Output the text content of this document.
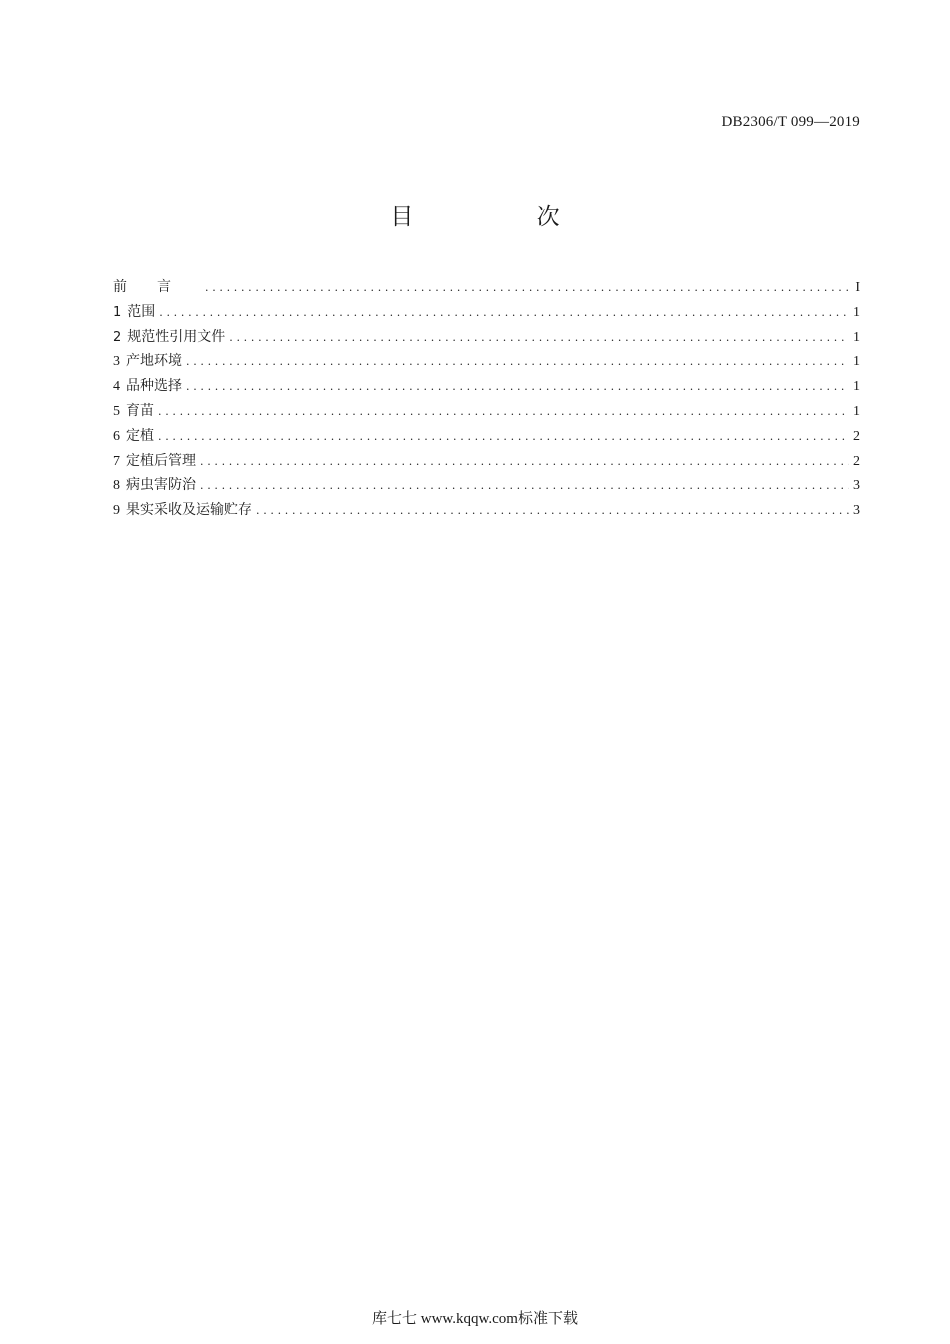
DB2306/T 099—2019
目 次
前言 .....	I
1 范围 .....	1
2 规范性引用文件 .....	1
3 产地环境 .....	1
4 品种选择 .....	1
5 育苗 .....	1
6 定植 .....	2
7 定植后管理 .....	2
8 病虫害防治 .....	3
9 果实采收及运输贮存 .....	3
库七七 www.kqqw.com标准下载
